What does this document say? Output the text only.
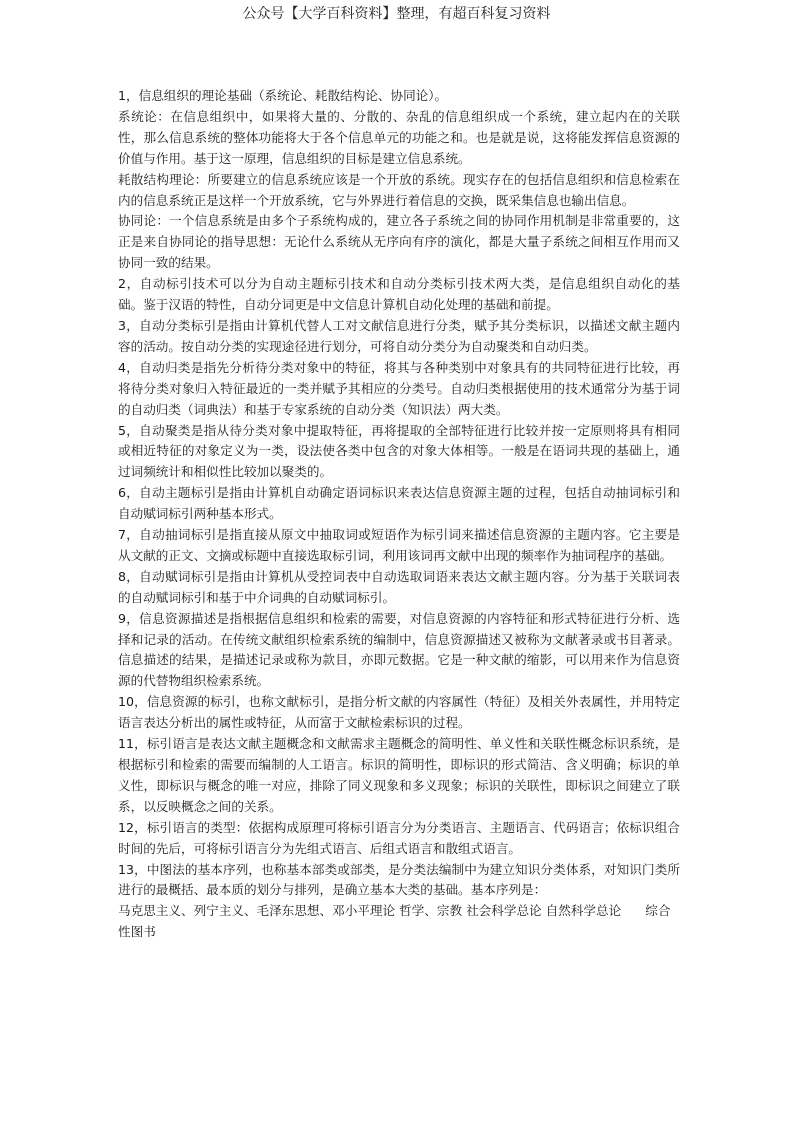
公众号【大学百科资料】整理，有超百科复习资料

1，信息组织的理论基础（系统论、耗散结构论、协同论）。

系统论：在信息组织中，如果将大量的、分散的、杂乱的信息组织成一个系统，建立起内在的关联性，那么信息系统的整体功能将大于各个信息单元的功能之和。也是就是说，这将能发挥信息资源的价值与作用。基于这一原理，信息组织的目标是建立信息系统。

耗散结构理论：所要建立的信息系统应该是一个开放的系统。现实存在的包括信息组织和信息检索在内的信息系统正是这样一个开放系统，它与外界进行着信息的交换，既采集信息也输出信息。

协同论：一个信息系统是由多个子系统构成的，建立各子系统之间的协同作用机制是非常重要的，这正是来自协同论的指导思想：无论什么系统从无序向有序的演化，都是大量子系统之间相互作用而又协同一致的结果。

2，自动标引技术可以分为自动主题标引技术和自动分类标引技术两大类，是信息组织自动化的基础。鉴于汉语的特性，自动分词更是中文信息计算机自动化处理的基础和前提。

3，自动分类标引是指由计算机代替人工对文献信息进行分类，赋予其分类标识，以描述文献主题内容的活动。按自动分类的实现途径进行划分，可将自动分类分为自动聚类和自动归类。

4，自动归类是指先分析待分类对象中的特征，将其与各种类别中对象具有的共同特征进行比较，再将待分类对象归入特征最近的一类并赋予其相应的分类号。自动归类根据使用的技术通常分为基于词的自动归类（词典法）和基于专家系统的自动分类（知识法）两大类。

5，自动聚类是指从待分类对象中提取特征，再将提取的全部特征进行比较并按一定原则将具有相同或相近特征的对象定义为一类，设法使各类中包含的对象大体相等。一般是在语词共现的基础上，通过词频统计和相似性比较加以聚类的。

6，自动主题标引是指由计算机自动确定语词标识来表达信息资源主题的过程，包括自动抽词标引和自动赋词标引两种基本形式。

7，自动抽词标引是指直接从原文中抽取词或短语作为标引词来描述信息资源的主题内容。它主要是从文献的正文、文摘或标题中直接选取标引词，利用该词再文献中出现的频率作为抽词程序的基础。

8，自动赋词标引是指由计算机从受控词表中自动选取词语来表达文献主题内容。分为基于关联词表的自动赋词标引和基于中介词典的自动赋词标引。

9，信息资源描述是指根据信息组织和检索的需要，对信息资源的内容特征和形式特征进行分析、选择和记录的活动。在传统文献组织检索系统的编制中，信息资源描述又被称为文献著录或书目著录。信息描述的结果，是描述记录或称为款目，亦即元数据。它是一种文献的缩影，可以用来作为信息资源的代替物组织检索系统。

10，信息资源的标引，也称文献标引，是指分析文献的内容属性（特征）及相关外表属性，并用特定语言表达分析出的属性或特征，从而富于文献检索标识的过程。

11，标引语言是表达文献主题概念和文献需求主题概念的简明性、单义性和关联性概念标识系统，是根据标引和检索的需要而编制的人工语言。标识的简明性，即标识的形式简洁、含义明确；标识的单义性，即标识与概念的唯一对应，排除了同义现象和多义现象；标识的关联性，即标识之间建立了联系，以反映概念之间的关系。

12，标引语言的类型：依据构成原理可将标引语言分为分类语言、主题语言、代码语言；依标识组合时间的先后，可将标引语言分为先组式语言、后组式语言和散组式语言。

13，中图法的基本序列，也称基本部类或部类，是分类法编制中为建立知识分类体系，对知识门类所进行的最概括、最本质的划分与排列，是确立基本大类的基础。基本序列是：

马克思主义、列宁主义、毛泽东思想、邓小平理论 哲学、宗教 社会科学总论 自然科学总论 综合性图书
